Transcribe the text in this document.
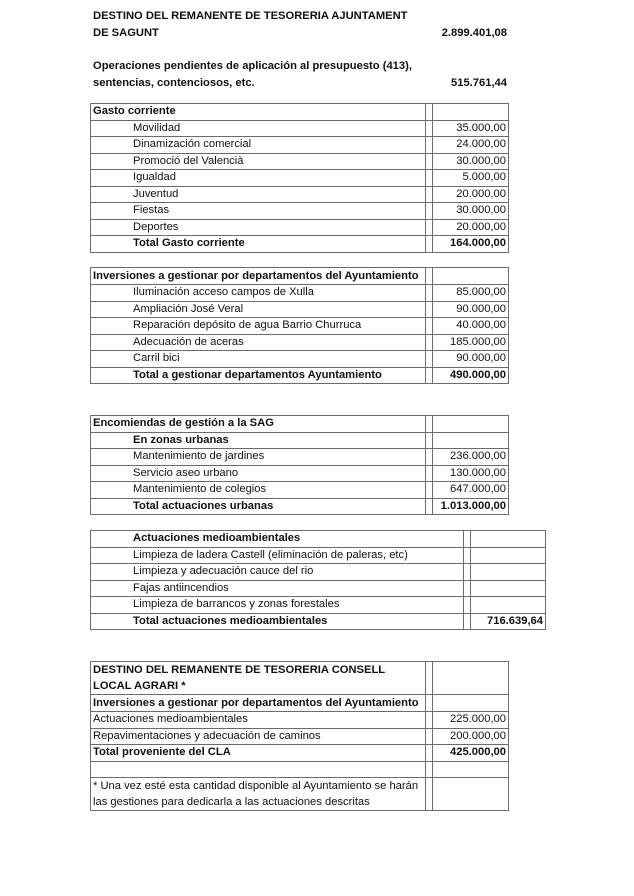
DESTINO DEL REMANENTE DE TESORERIA AJUNTAMENT DE SAGUNT	2.899.401,08
Operaciones pendientes de aplicación al presupuesto (413), sentencias, contenciosos, etc.	515.761,44
Gasto corriente		
Movilidad		35.000,00
Dinamización comercial		24.000,00
Promoció del Valencià		30.000,00
Igualdad		5.000,00
Juventud		20.000,00
Fiestas		30.000,00
Deportes		20.000,00
Total Gasto corriente		164.000,00
Inversiones a gestionar por departamentos del Ayuntamiento		
Iluminación acceso campos de Xulla		85.000,00
Ampliación José Veral		90.000,00
Reparación depósito de agua Barrio Churruca		40.000,00
Adecuación de aceras		185.000,00
Carril bici		90.000,00
Total a gestionar departamentos Ayuntamiento		490.000,00
Encomiendas de gestión a la SAG		
En zonas urbanas		
Mantenimiento de jardines		236.000,00
Servicio aseo urbano		130.000,00
Mantenimiento de colegios		647.000,00
Total actuaciones urbanas		1.013.000,00
Actuaciones medioambientales		
Limpieza de ladera Castell (eliminación de paleras, etc)		
Limpieza y adecuación cauce del rio		
Fajas antiincendios		
Limpieza de barrancos y zonas forestales		
Total actuaciones medioambientales		716.639,64
DESTINO DEL REMANENTE DE TESORERIA CONSELL LOCAL AGRARI *		
Inversiones a gestionar por departamentos del Ayuntamiento		
Actuaciones medioambientales		225.000,00
Repavimentaciones y adecuación de caminos		200.000,00
Total proveniente del CLA		425.000,00

* Una vez esté esta cantidad disponible al Ayuntamiento se harán las gestiones para dedicarla a las actuaciones descritas		
